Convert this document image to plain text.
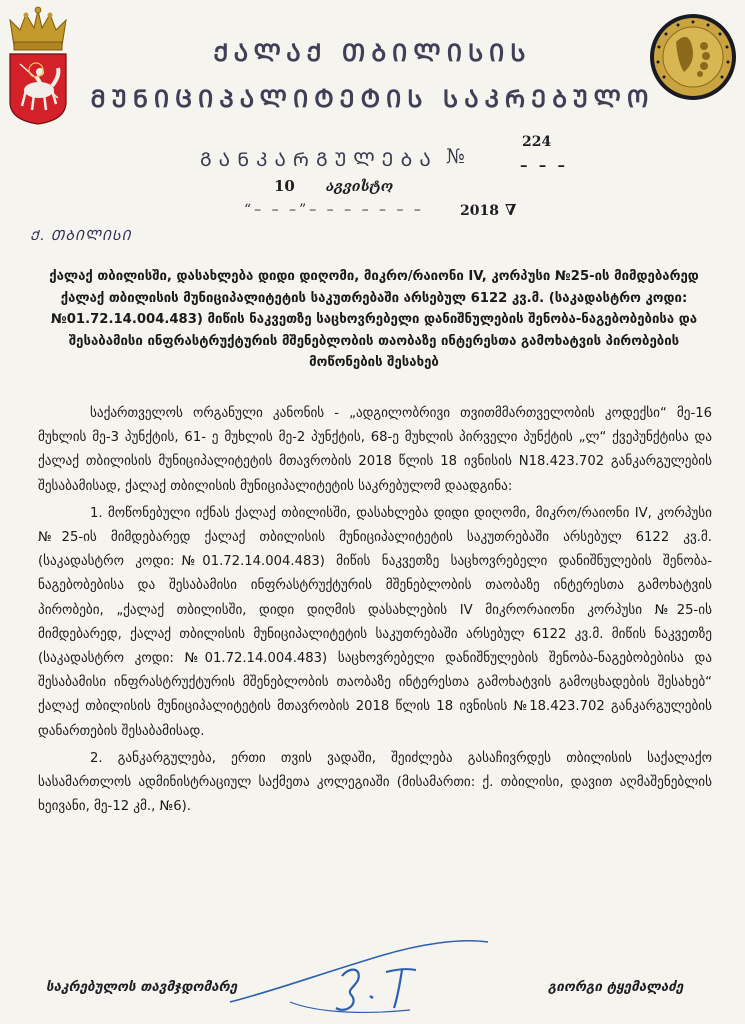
ᲥᲐᲚᲐᲥ ᲗᲑᲘᲚᲘᲡᲘᲡ
ᲛᲣᲜᲘᲪᲘᲞᲐᲚᲘᲢᲔᲢᲘᲡ ᲡᲐᲙᲠᲔᲑᲣᲚᲝ
ᲒᲐᲜᲙᲐᲠᲒᲣᲚᲔᲑᲐ №
224
– – –
10 აგვისტო
“– – –”– – – – – – –	2018 ∇
Ქ. ᲗᲑᲘᲚᲘᲡᲘ
ქალაქ თბილისში, დასახლება დიდი დიღომი, მიკრო/რაიონი IV, კორპუსი №25-ის მიმდებარედ ქალაქ თბილისის მუნიციპალიტეტის საკუთრებაში არსებულ 6122 კვ.მ. (საკადასტრო კოდი: №01.72.14.004.483) მიწის ნაკვეთზე საცხოვრებელი დანიშნულების შენობა-ნაგებობებისა და შესაბამისი ინფრასტრუქტურის მშენებლობის თაობაზე ინტერესთა გამოხატვის პირობების მოწონების შესახებ

საქართველოს ორგანული კანონის - „ადგილობრივი თვითმმართველობის კოდექსი“ მე-16 მუხლის მე-3 პუნქტის, 61- ე მუხლის მე-2 პუნქტის, 68-ე მუხლის პირველი პუნქტის „ლ“ ქვეპუნქტისა და ქალაქ თბილისის მუნიციპალიტეტის მთავრობის 2018 წლის 18 ივნისის N18.423.702 განკარგულების შესაბამისად, ქალაქ თბილისის მუნიციპალიტეტის საკრებულომ დაადგინა:

1. მოწონებული იქნას ქალაქ თბილისში, დასახლება დიდი დიღომი, მიკრო/რაიონი IV, კორპუსი №25-ის მიმდებარედ ქალაქ თბილისის მუნიციპალიტეტის საკუთრებაში არსებულ 6122 კვ.მ. (საკადასტრო კოდი:№01.72.14.004.483) მიწის ნაკვეთზე საცხოვრებელი დანიშნულების შენობა-ნაგებობებისა და შესაბამისი ინფრასტრუქტურის მშენებლობის თაობაზე ინტერესთა გამოხატვის პირობები, „ქალაქ თბილისში, დიდი დიღმის დასახლების IV მიკრორაიონი კორპუსი №25-ის მიმდებარედ, ქალაქ თბილისის მუნიციპალიტეტის საკუთრებაში არსებულ 6122 კვ.მ. მიწის ნაკვეთზე (საკადასტრო კოდი: №01.72.14.004.483) საცხოვრებელი დანიშნულების შენობა-ნაგებობებისა და შესაბამისი ინფრასტრუქტურის მშენებლობის თაობაზე ინტერესთა გამოხატვის გამოცხადების შესახებ“ ქალაქ თბილისის მუნიციპალიტეტის მთავრობის 2018 წლის 18 ივნისის №18.423.702 განკარგულების დანართების შესაბამისად.

2. განკარგულება, ერთი თვის ვადაში, შეიძლება გასაჩივრდეს თბილისის საქალაქო სასამართლოს ადმინისტრაციულ საქმეთა კოლეგიაში (მისამართი: ქ. თბილისი, დავით აღმაშენებლის ხეივანი, მე-12 კმ., №6).

საკრებულოს თავმჯდომარე	გიორგი ტყემალაძე
